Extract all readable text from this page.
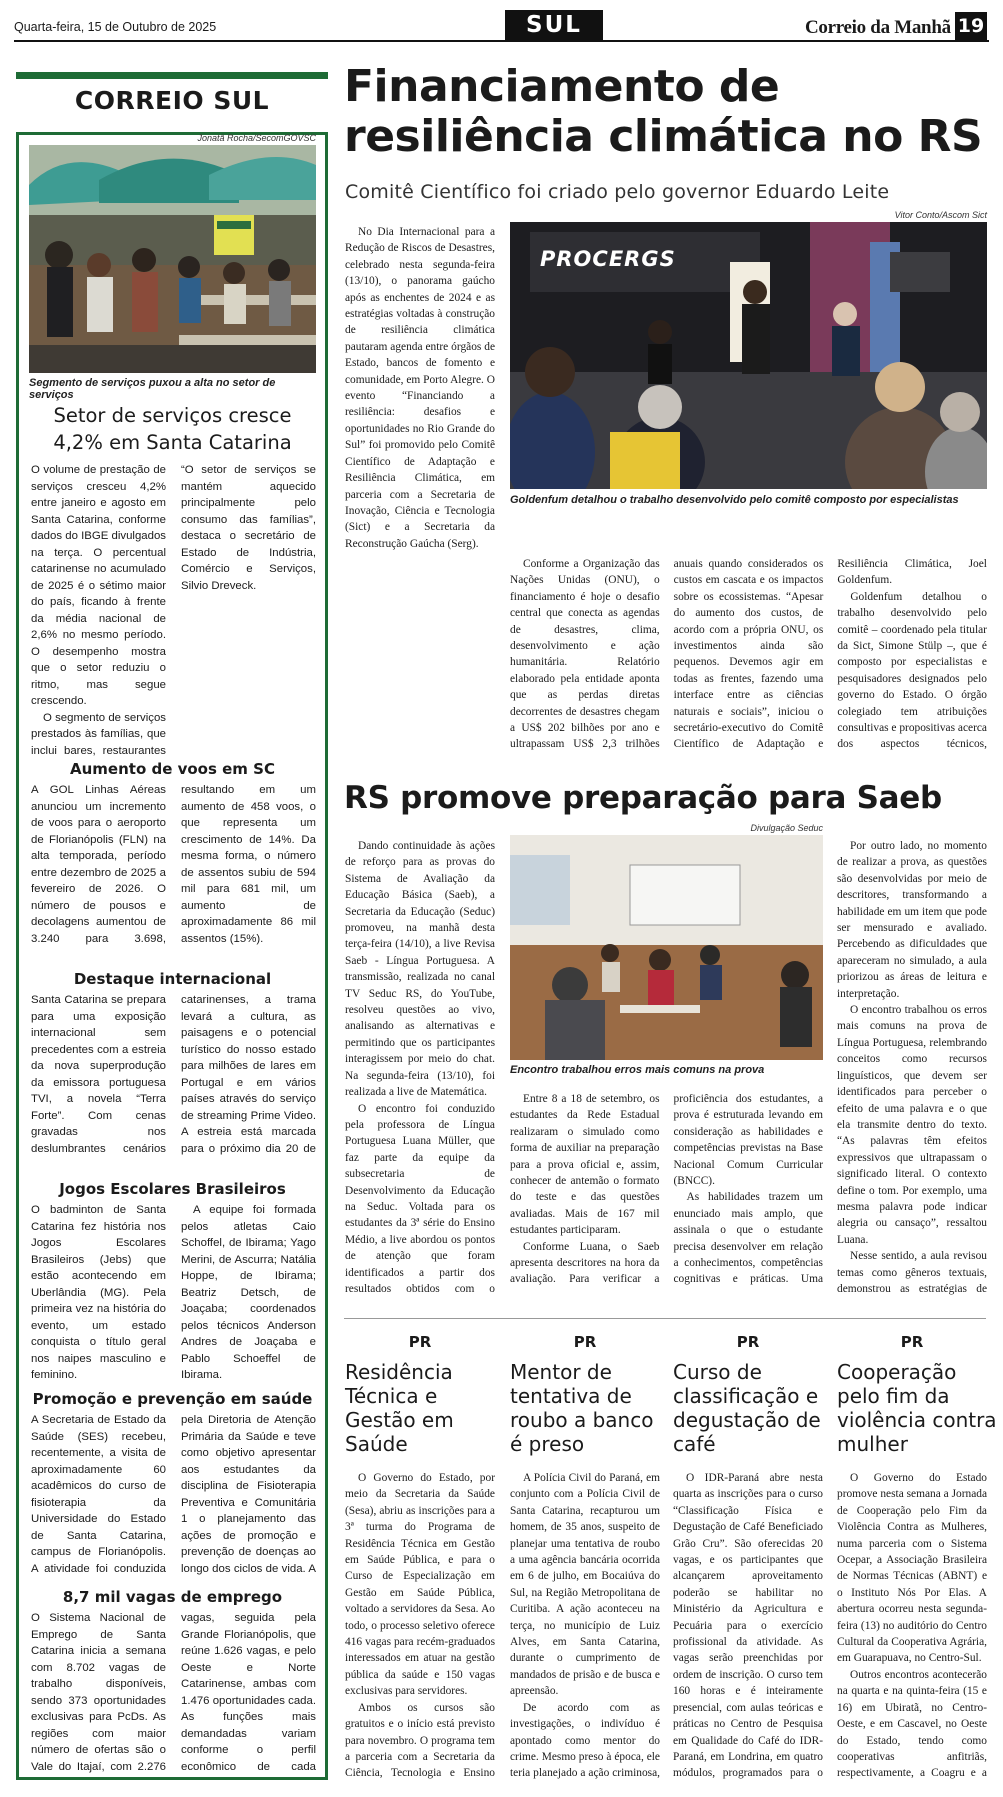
Quarta-feira, 15 de Outubro de 2025	SUL	Correio da Manhã 19
CORREIO SUL
Jonatã Rocha/SecomGOVSC
Segmento de serviços puxou a alta no setor de serviços
Setor de serviços cresce 4,2% em Santa Catarina

O volume de prestação de serviços cresceu 4,2% entre janeiro e agosto em Santa Catarina, conforme dados do IBGE divulgados na terça. O percentual catarinense no acumulado de 2025 é o sétimo maior do país, ficando à frente da média nacional de 2,6% no mesmo período. O desempenho mostra que o setor reduziu o ritmo, mas segue crescendo.

O segmento de serviços prestados às famílias, que inclui bares, restaurantes

“O setor de serviços se mantém aquecido principalmente pelo consumo das famílias”, destaca o secretário de Estado de Indústria, Comércio e Serviços, Silvio Dreveck.

Aumento de voos em SC

A GOL Linhas Aéreas anunciou um incremento de voos para o aeroporto de Florianópolis (FLN) na alta temporada, período entre dezembro de 2025 a fevereiro de 2026. O número de pousos e decolagens aumentou de 3.240 para 3.698, resultando em um aumento de 458 voos, o que representa um crescimento de 14%. Da mesma forma, o número de assentos subiu de 594 mil para 681 mil, um aumento de aproximadamente 86 mil assentos (15%).

Destaque internacional

Santa Catarina se prepara para uma exposição internacional sem precedentes com a estreia da nova superprodução da emissora portuguesa TVI, a novela “Terra Forte”. Com cenas gravadas nos deslumbrantes cenários catarinenses, a trama levará a cultura, as paisagens e o potencial turístico do nosso estado para milhões de lares em Portugal e em vários países através do serviço de streaming Prime Video. A estreia está marcada para o próximo dia 20 de

Jogos Escolares Brasileiros

O badminton de Santa Catarina fez história nos Jogos Escolares Brasileiros (Jebs) que estão acontecendo em Uberlândia (MG). Pela primeira vez na história do evento, um estado conquista o título geral nos naipes masculino e feminino.

A equipe foi formada pelos atletas Caio Schoffel, de Ibirama; Yago Merini, de Ascurra; Natália Hoppe, de Ibirama; Beatriz Detsch, de Joaçaba; coordenados pelos técnicos Anderson Andres de Joaçaba e Pablo Schoeffel de Ibirama.

Promoção e prevenção em saúde

A Secretaria de Estado da Saúde (SES) recebeu, recentemente, a visita de aproximadamente 60 acadêmicos do curso de fisioterapia da Universidade do Estado de Santa Catarina, campus de Florianópolis. A atividade foi conduzida pela Diretoria de Atenção Primária da Saúde e teve como objetivo apresentar aos estudantes da disciplina de Fisioterapia Preventiva e Comunitária 1 o planejamento das ações de promoção e prevenção de doenças ao longo dos ciclos de vida. A

8,7 mil vagas de emprego

O Sistema Nacional de Emprego de Santa Catarina inicia a semana com 8.702 vagas de trabalho disponíveis, sendo 373 oportunidades exclusivas para PcDs. As regiões com maior número de ofertas são o Vale do Itajaí, com 2.276 vagas, seguida pela Grande Florianópolis, que reúne 1.626 vagas, e pelo Oeste e Norte Catarinense, ambas com 1.476 oportunidades cada. As funções mais demandadas variam conforme o perfil econômico de cada

Financiamento de resiliência climática no RS
Comitê Científico foi criado pelo governor Eduardo Leite
Vitor Conto/Ascom Sict
PROCERGS
Goldenfum detalhou o trabalho desenvolvido pelo comitê composto por especialistas

No Dia Internacional para a Redução de Riscos de Desastres, celebrado nesta segunda-feira (13/10), o panorama gaúcho após as enchentes de 2024 e as estratégias voltadas à construção de resiliência climática pautaram agenda entre órgãos de Estado, bancos de fomento e comunidade, em Porto Alegre. O evento “Financiando a resiliência: desafios e oportunidades no Rio Grande do Sul” foi promovido pelo Comitê Científico de Adaptação e Resiliência Climática, em parceria com a Secretaria de Inovação, Ciência e Tecnologia (Sict) e a Secretaria da Reconstrução Gaúcha (Serg).

Conforme a Organização das Nações Unidas (ONU), o financiamento é hoje o desafio central que conecta as agendas de desastres, clima, desenvolvimento e ação humanitária. Relatório elaborado pela entidade aponta que as perdas diretas decorrentes de desastres chegam a US$ 202 bilhões por ano e ultrapassam US$ 2,3 trilhões anuais quando considerados os custos em cascata e os impactos sobre os ecossistemas. “Apesar do aumento dos custos, de acordo com a própria ONU, os investimentos ainda são pequenos. Devemos agir em todas as frentes, fazendo uma interface entre as ciências naturais e sociais”, iniciou o secretário-executivo do Comitê Científico de Adaptação e Resiliência Climática, Joel Goldenfum.

Goldenfum detalhou o trabalho desenvolvido pelo comitê – coordenado pela titular da Sict, Simone Stülp –, que é composto por especialistas e pesquisadores designados pelo governo do Estado. O órgão colegiado tem atribuições consultivas e propositivas acerca dos aspectos técnicos,

RS promove preparação para Saeb
Divulgação Seduc
Encontro trabalhou erros mais comuns na prova

Dando continuidade às ações de reforço para as provas do Sistema de Avaliação da Educação Básica (Saeb), a Secretaria da Educação (Seduc) promoveu, na manhã desta terça-feira (14/10), a live Revisa Saeb - Língua Portuguesa. A transmissão, realizada no canal TV Seduc RS, do YouTube, resolveu questões ao vivo, analisando as alternativas e permitindo que os participantes interagissem por meio do chat. Na segunda-feira (13/10), foi realizada a live de Matemática.

O encontro foi conduzido pela professora de Língua Portuguesa Luana Müller, que faz parte da equipe da subsecretaria de Desenvolvimento da Educação na Seduc. Voltada para os estudantes da 3ª série do Ensino Médio, a live abordou os pontos de atenção que foram identificados a partir dos resultados obtidos com o

Entre 8 a 18 de setembro, os estudantes da Rede Estadual realizaram o simulado como forma de auxiliar na preparação para a prova oficial e, assim, conhecer de antemão o formato do teste e das questões avaliadas. Mais de 167 mil estudantes participaram.

Conforme Luana, o Saeb apresenta descritores na hora da avaliação. Para verificar a proficiência dos estudantes, a prova é estruturada levando em consideração as habilidades e competências previstas na Base Nacional Comum Curricular (BNCC).

As habilidades trazem um enunciado mais amplo, que assinala o que o estudante precisa desenvolver em relação a conhecimentos, competências cognitivas e práticas. Uma

Por outro lado, no momento de realizar a prova, as questões são desenvolvidas por meio de descritores, transformando a habilidade em um item que pode ser mensurado e avaliado. Percebendo as dificuldades que apareceram no simulado, a aula priorizou as áreas de leitura e interpretação.

O encontro trabalhou os erros mais comuns na prova de Língua Portuguesa, relembrando conceitos como recursos linguísticos, que devem ser identificados para perceber o efeito de uma palavra e o que ela transmite dentro do texto. “As palavras têm efeitos expressivos que ultrapassam o significado literal. O contexto define o tom. Por exemplo, uma mesma palavra pode indicar alegria ou cansaço”, ressaltou Luana.

Nesse sentido, a aula revisou temas como gêneros textuais, demonstrou as estratégias de

PR
Residência Técnica e Gestão em Saúde

O Governo do Estado, por meio da Secretaria da Saúde (Sesa), abriu as inscrições para a 3ª turma do Programa de Residência Técnica em Gestão em Saúde Pública, e para o Curso de Especialização em Gestão em Saúde Pública, voltado a servidores da Sesa. Ao todo, o processo seletivo oferece 416 vagas para recém-graduados interessados em atuar na gestão pública da saúde e 150 vagas exclusivas para servidores.

Ambos os cursos são gratuitos e o início está previsto para novembro. O programa tem a parceria com a Secretaria da Ciência, Tecnologia e Ensino

PR
Mentor de tentativa de roubo a banco é preso

A Polícia Civil do Paraná, em conjunto com a Polícia Civil de Santa Catarina, recapturou um homem, de 35 anos, suspeito de planejar uma tentativa de roubo a uma agência bancária ocorrida em 6 de julho, em Bocaiúva do Sul, na Região Metropolitana de Curitiba. A ação aconteceu na terça, no município de Luiz Alves, em Santa Catarina, durante o cumprimento de mandados de prisão e de busca e apreensão.

De acordo com as investigações, o indivíduo é apontado como mentor do crime. Mesmo preso à época, ele teria planejado a ação criminosa,

PR
Curso de classificação e degustação de café

O IDR-Paraná abre nesta quarta as inscrições para o curso “Classificação Física e Degustação de Café Beneficiado Grão Cru”. São oferecidas 20 vagas, e os participantes que alcançarem aproveitamento poderão se habilitar no Ministério da Agricultura e Pecuária para o exercício profissional da atividade. As vagas serão preenchidas por ordem de inscrição. O curso tem 160 horas e é inteiramente presencial, com aulas teóricas e práticas no Centro de Pesquisa em Qualidade do Café do IDR-Paraná, em Londrina, em quatro módulos, programados para o

PR
Cooperação pelo fim da violência contra mulher

O Governo do Estado promove nesta semana a Jornada de Cooperação pelo Fim da Violência Contra as Mulheres, numa parceria com o Sistema Ocepar, a Associação Brasileira de Normas Técnicas (ABNT) e o Instituto Nós Por Elas. A abertura ocorreu nesta segunda-feira (13) no auditório do Centro Cultural da Cooperativa Agrária, em Guarapuava, no Centro-Sul.

Outros encontros acontecerão na quarta e na quinta-feira (15 e 16) em Ubiratã, no Centro-Oeste, e em Cascavel, no Oeste do Estado, tendo como cooperativas anfitriãs, respectivamente, a Coagru e a
